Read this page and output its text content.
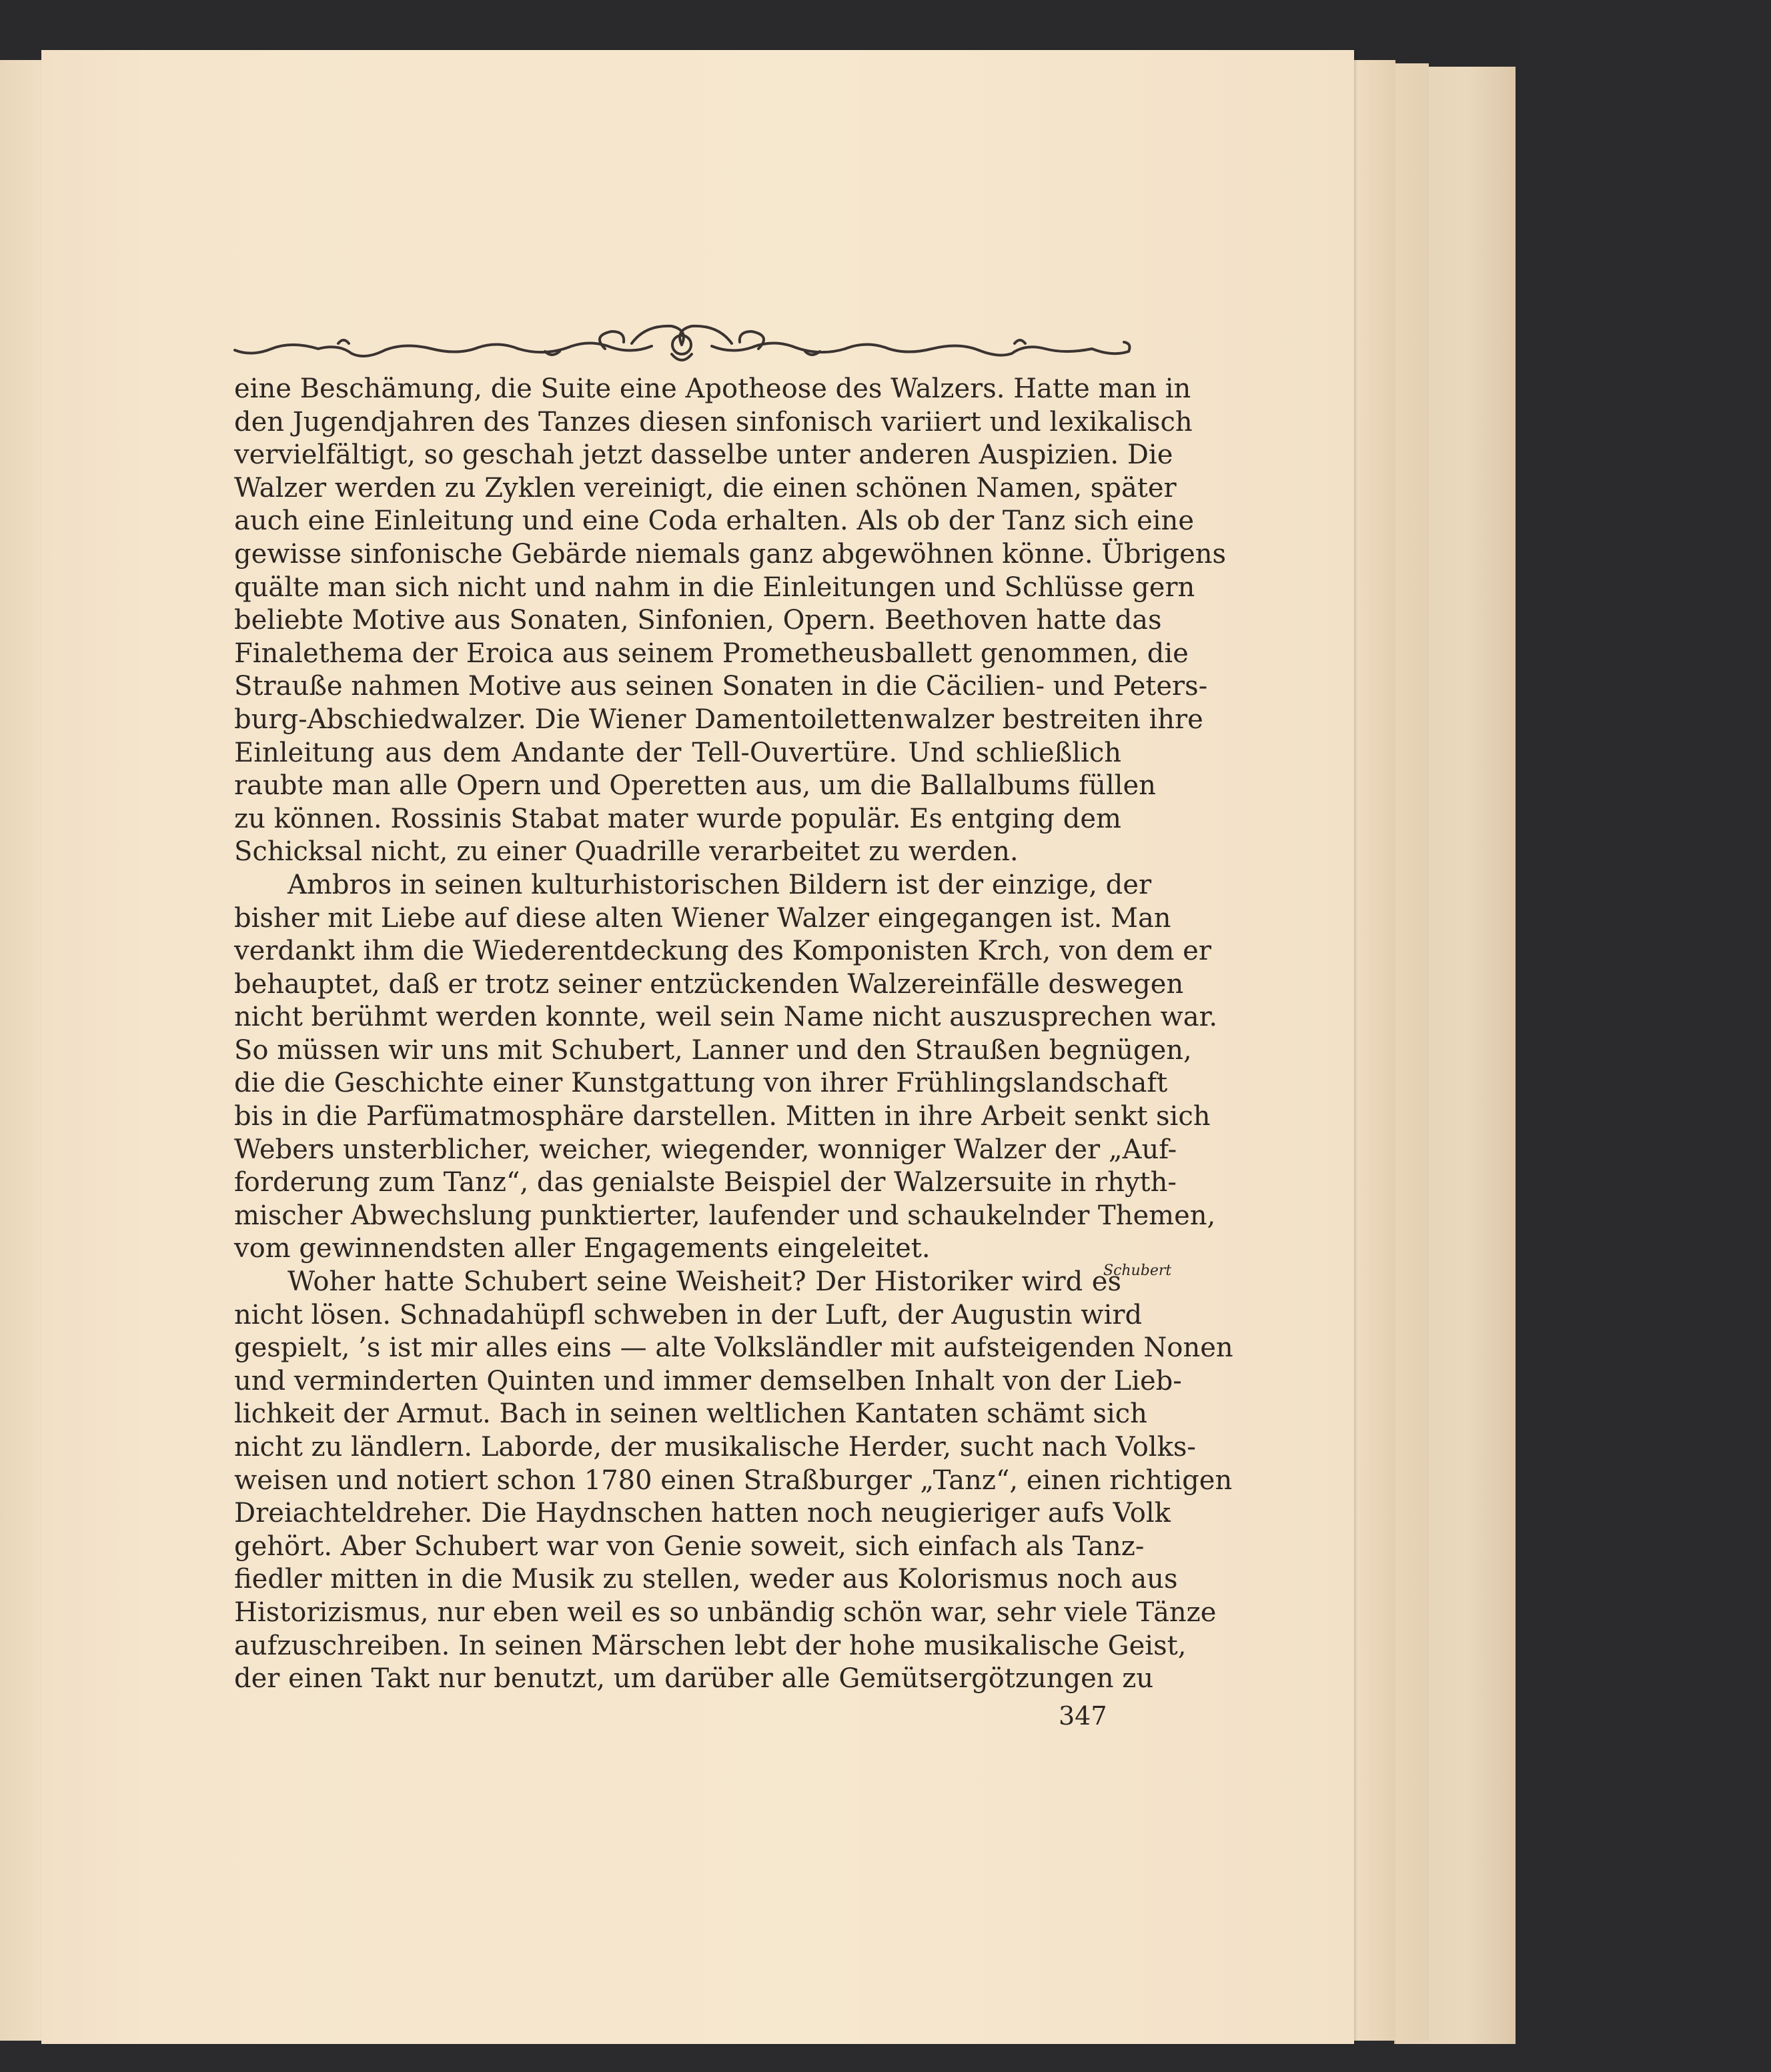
eine Beschämung, die Suite eine Apotheose des Walzers. Hatte man in
den Jugendjahren des Tanzes diesen sinfonisch variiert und lexikalisch
vervielfältigt, so geschah jetzt dasselbe unter anderen Auspizien. Die
Walzer werden zu Zyklen vereinigt, die einen schönen Namen, später
auch eine Einleitung und eine Coda erhalten. Als ob der Tanz sich eine
gewisse sinfonische Gebärde niemals ganz abgewöhnen könne. Übrigens
quälte man sich nicht und nahm in die Einleitungen und Schlüsse gern
beliebte Motive aus Sonaten, Sinfonien, Opern. Beethoven hatte das
Finalethema der Eroica aus seinem Prometheusballett genommen, die
Strauße nahmen Motive aus seinen Sonaten in die Cäcilien- und Peters-
burg-Abschiedwalzer. Die Wiener Damentoilettenwalzer bestreiten ihre
Einleitung aus dem Andante der Tell-Ouvertüre. Und schließlich
raubte man alle Opern und Operetten aus, um die Ballalbums füllen
zu können. Rossinis Stabat mater wurde populär. Es entging dem
Schicksal nicht, zu einer Quadrille verarbeitet zu werden.
Ambros in seinen kulturhistorischen Bildern ist der einzige, der
bisher mit Liebe auf diese alten Wiener Walzer eingegangen ist. Man
verdankt ihm die Wiederentdeckung des Komponisten Krch, von dem er
behauptet, daß er trotz seiner entzückenden Walzereinfälle deswegen
nicht berühmt werden konnte, weil sein Name nicht auszusprechen war.
So müssen wir uns mit Schubert, Lanner und den Straußen begnügen,
die die Geschichte einer Kunstgattung von ihrer Frühlingslandschaft
bis in die Parfümatmosphäre darstellen. Mitten in ihre Arbeit senkt sich
Webers unsterblicher, weicher, wiegender, wonniger Walzer der „Auf-
forderung zum Tanz“, das genialste Beispiel der Walzersuite in rhyth-
mischer Abwechslung punktierter, laufender und schaukelnder Themen,
vom gewinnendsten aller Engagements eingeleitet.
Woher hatte Schubert seine Weisheit? Der Historiker wird es
nicht lösen. Schnadahüpfl schweben in der Luft, der Augustin wird
gespielt, ’s ist mir alles eins — alte Volksländler mit aufsteigenden Nonen
und verminderten Quinten und immer demselben Inhalt von der Lieb-
lichkeit der Armut. Bach in seinen weltlichen Kantaten schämt sich
nicht zu ländlern. Laborde, der musikalische Herder, sucht nach Volks-
weisen und notiert schon 1780 einen Straßburger „Tanz“, einen richtigen
Dreiachteldreher. Die Haydnschen hatten noch neugieriger aufs Volk
gehört. Aber Schubert war von Genie soweit, sich einfach als Tanz-
fiedler mitten in die Musik zu stellen, weder aus Kolorismus noch aus
Historizismus, nur eben weil es so unbändig schön war, sehr viele Tänze
aufzuschreiben. In seinen Märschen lebt der hohe musikalische Geist,
der einen Takt nur benutzt, um darüber alle Gemütsergötzungen zu
Schubert
347
